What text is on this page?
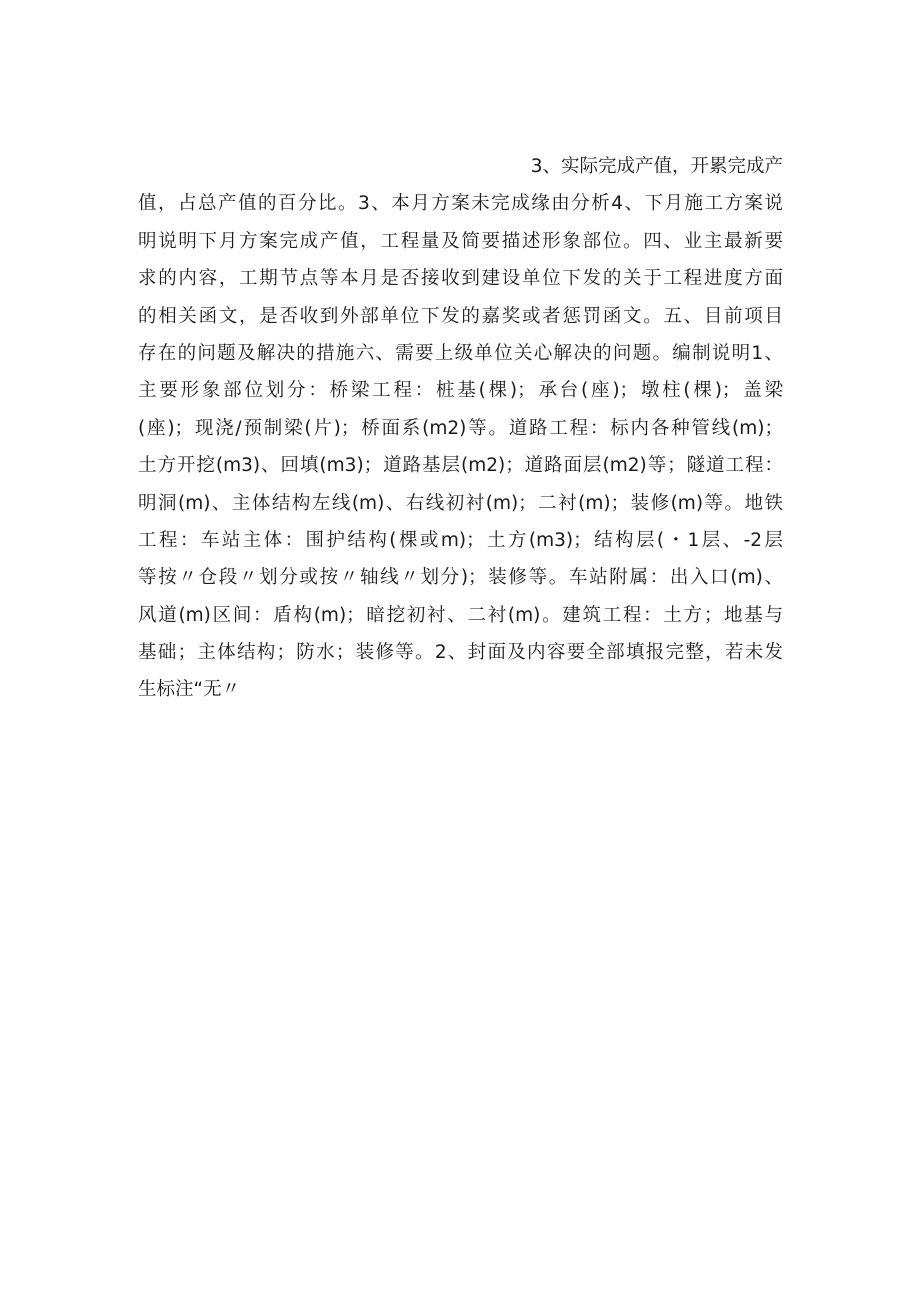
3、实际完成产值，开累完成产
值，占总产值的百分比。3、本月方案未完成缘由分析4、下月施工方案说
明说明下月方案完成产值，工程量及简要描述形象部位。四、业主最新要
求的内容，工期节点等本月是否接收到建设单位下发的关于工程进度方面
的相关函文，是否收到外部单位下发的嘉奖或者惩罚函文。五、目前项目
存在的问题及解决的措施六、需要上级单位关心解决的问题。编制说明1、
主要形象部位划分：桥梁工程：桩基(棵)；承台(座)；墩柱(棵)；盖梁
(座)；现浇/预制梁(片)；桥面系(m2)等。道路工程：标内各种管线(m)；
土方开挖(m3)、回填(m3)；道路基层(m2)；道路面层(m2)等；隧道工程：
明洞(m)、主体结构左线(m)、右线初衬(m)；二衬(m)；装修(m)等。地铁
工程：车站主体：围护结构(棵或m)；土方(m3)；结构层(・1层、-2层
等按〃仓段〃划分或按〃轴线〃划分)；装修等。车站附属：出入口(m)、
风道(m)区间：盾构(m)；暗挖初衬、二衬(m)。建筑工程：土方；地基与
基础；主体结构；防水；装修等。2、封面及内容要全部填报完整，若未发
生标注“无〃
